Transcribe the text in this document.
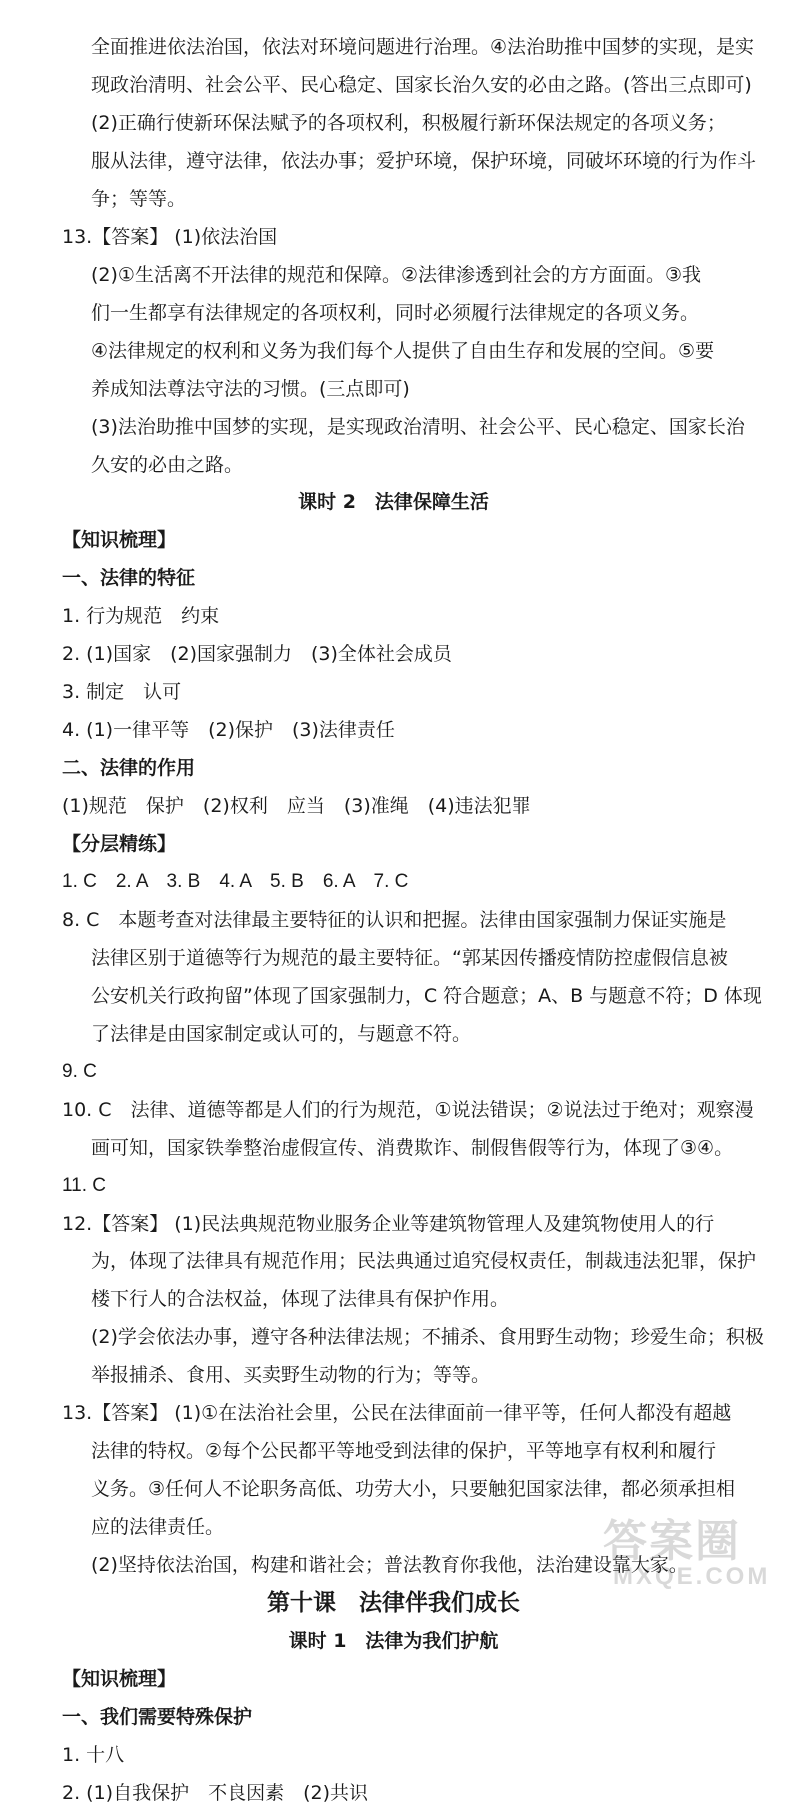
全面推进依法治国，依法对环境问题进行治理。④法治助推中国梦的实现，是实
现政治清明、社会公平、民心稳定、国家长治久安的必由之路。(答出三点即可)
(2)正确行使新环保法赋予的各项权利，积极履行新环保法规定的各项义务；
服从法律，遵守法律，依法办事；爱护环境，保护环境，同破坏环境的行为作斗
争；等等。
13.【答案】 (1)依法治国
(2)①生活离不开法律的规范和保障。②法律渗透到社会的方方面面。③我
们一生都享有法律规定的各项权利，同时必须履行法律规定的各项义务。
④法律规定的权利和义务为我们每个人提供了自由生存和发展的空间。⑤要
养成知法尊法守法的习惯。(三点即可)
(3)法治助推中国梦的实现，是实现政治清明、社会公平、民心稳定、国家长治
久安的必由之路。
课时 2　法律保障生活
【知识梳理】
一、法律的特征
1. 行为规范　约束
2. (1)国家　(2)国家强制力　(3)全体社会成员
3. 制定　认可
4. (1)一律平等　(2)保护　(3)法律责任
二、法律的作用
(1)规范　保护　(2)权利　应当　(3)准绳　(4)违法犯罪
【分层精练】
1. C　2. A　3. B　4. A　5. B　6. A　7. C
8. C　本题考查对法律最主要特征的认识和把握。法律由国家强制力保证实施是
法律区别于道德等行为规范的最主要特征。“郭某因传播疫情防控虚假信息被
公安机关行政拘留”体现了国家强制力，C 符合题意；A、B 与题意不符；D 体现
了法律是由国家制定或认可的，与题意不符。
9. C
10. C　法律、道德等都是人们的行为规范，①说法错误；②说法过于绝对；观察漫
画可知，国家铁拳整治虚假宣传、消费欺诈、制假售假等行为，体现了③④。
11. C
12.【答案】 (1)民法典规范物业服务企业等建筑物管理人及建筑物使用人的行
为，体现了法律具有规范作用；民法典通过追究侵权责任，制裁违法犯罪，保护
楼下行人的合法权益，体现了法律具有保护作用。
(2)学会依法办事，遵守各种法律法规；不捕杀、食用野生动物；珍爱生命；积极
举报捕杀、食用、买卖野生动物的行为；等等。
13.【答案】 (1)①在法治社会里，公民在法律面前一律平等，任何人都没有超越
法律的特权。②每个公民都平等地受到法律的保护，平等地享有权利和履行
义务。③任何人不论职务高低、功劳大小，只要触犯国家法律，都必须承担相
应的法律责任。
(2)坚持依法治国，构建和谐社会；普法教育你我他，法治建设靠大家。
第十课　法律伴我们成长
课时 1　法律为我们护航
【知识梳理】
一、我们需要特殊保护
1. 十八
2. (1)自我保护　不良因素　(2)共识
答案圈
MXQE.COM
